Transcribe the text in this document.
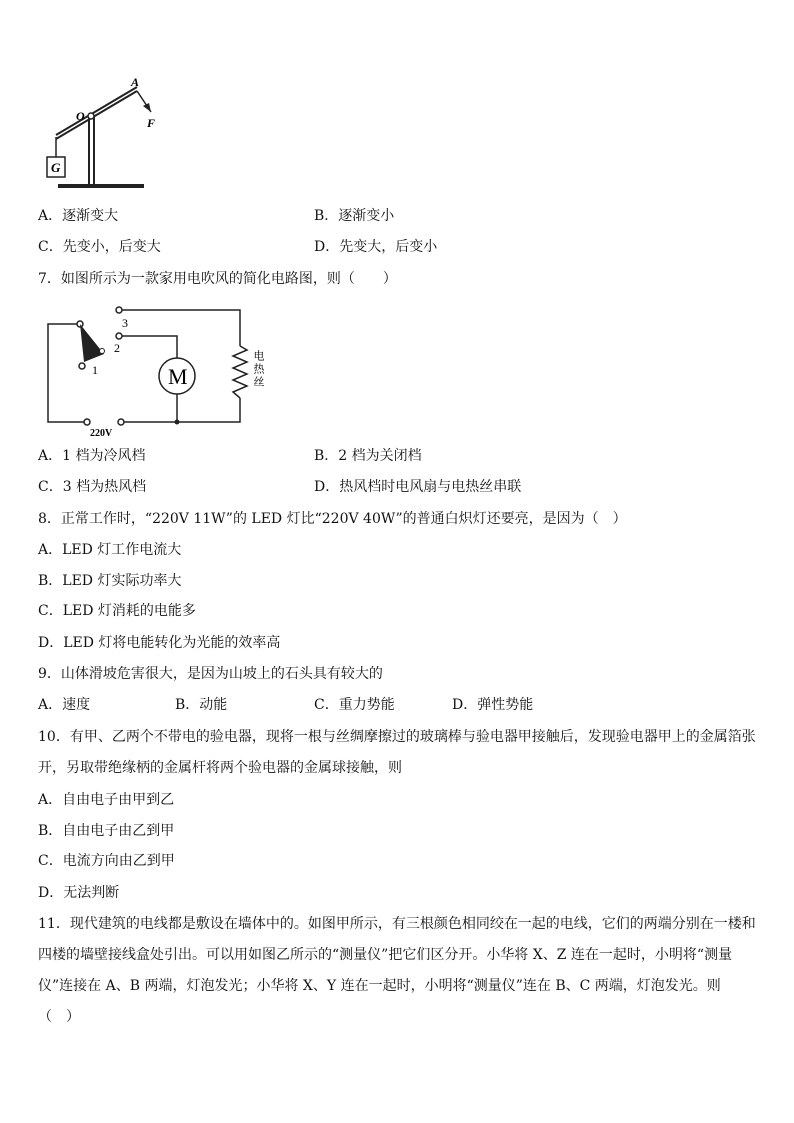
G
O
A
F
A．逐渐变大	B．逐渐变小
C．先变小，后变大	D．先变大，后变小
7．如图所示为一款家用电吹风的简化电路图，则（　　）
3
2
1	M	电热丝
220V
A．1 档为冷风档	B．2 档为关闭档
C．3 档为热风档	D．热风档时电风扇与电热丝串联
8．正常工作时，“220V 11W”的 LED 灯比“220V 40W”的普通白炽灯还要亮，是因为（　）
A．LED 灯工作电流大
B．LED 灯实际功率大
C．LED 灯消耗的电能多
D．LED 灯将电能转化为光能的效率高
9．山体滑坡危害很大，是因为山坡上的石头具有较大的
A．速度	B．动能	C．重力势能	D．弹性势能
10．有甲、乙两个不带电的验电器，现将一根与丝绸摩擦过的玻璃棒与验电器甲接触后，发现验电器甲上的金属箔张
开，另取带绝缘柄的金属杆将两个验电器的金属球接触，则
A．自由电子由甲到乙
B．自由电子由乙到甲
C．电流方向由乙到甲
D．无法判断
11．现代建筑的电线都是敷设在墙体中的。如图甲所示，有三根颜色相同绞在一起的电线，它们的两端分别在一楼和
四楼的墙壁接线盒处引出。可以用如图乙所示的“测量仪”把它们区分开。小华将 X、Z 连在一起时，小明将“测量
仪”连接在 A、B 两端，灯泡发光；小华将 X、Y 连在一起时，小明将“测量仪”连在 B、C 两端，灯泡发光。则
（　）
